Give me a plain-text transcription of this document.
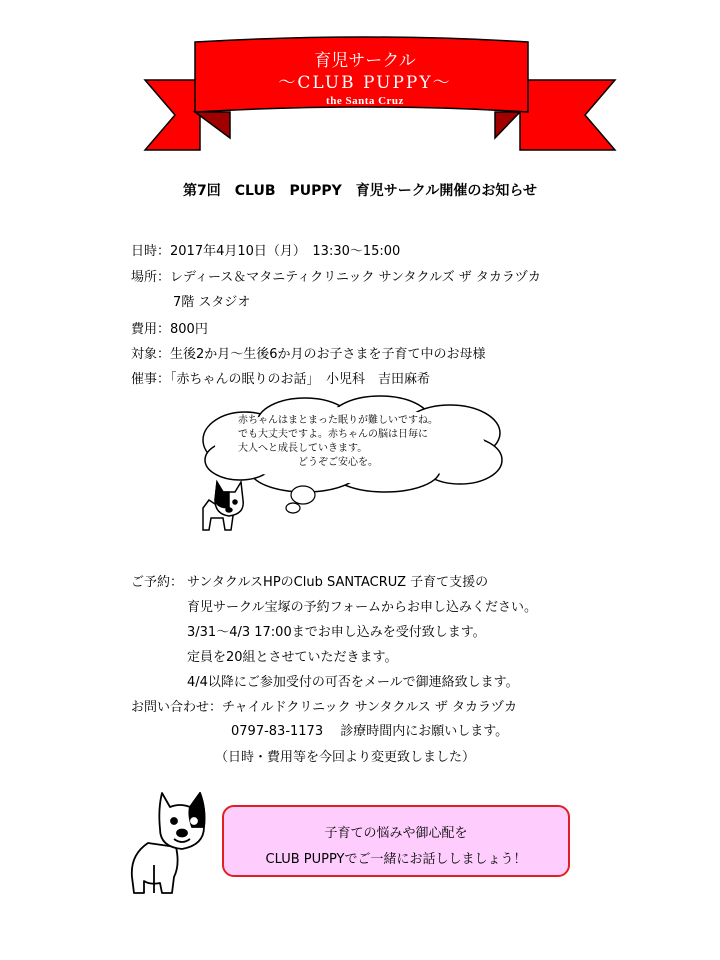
育児サークル
～CLUB PUPPY～
the Santa Cruz
第7回　CLUB　PUPPY　育児サークル開催のお知らせ
日時：2017年4月10日（月）　13:30～15:00
場所：レディース＆マタニティクリニック サンタクルズ ザ タカラヅカ
7階 スタジオ
費用：800円
対象：生後2か月～生後6か月のお子さまを子育て中のお母様
催事：「赤ちゃんの眠りのお話」　小児科　吉田麻希
赤ちゃんはまとまった眠りが難しいですね。
でも大丈夫ですよ。赤ちゃんの脳は日毎に
大人へと成長していきます。
どうぞご安心を。
ご予約： サンタクルスHPのClub SANTACRUZ 子育て支援の
育児サークル宝塚の予約フォームからお申し込みください。
3/31～4/3 17:00までお申し込みを受付致します。
定員を20組とさせていただきます。
4/4以降にご参加受付の可否をメールで御連絡致します。
お問い合わせ：チャイルドクリニック サンタクルス ザ タカラヅカ
0797-83-1173　 診療時間内にお願いします。
（日時・費用等を今回より変更致しました）
子育ての悩みや御心配を
CLUB PUPPYでご一緒にお話ししましょう！
